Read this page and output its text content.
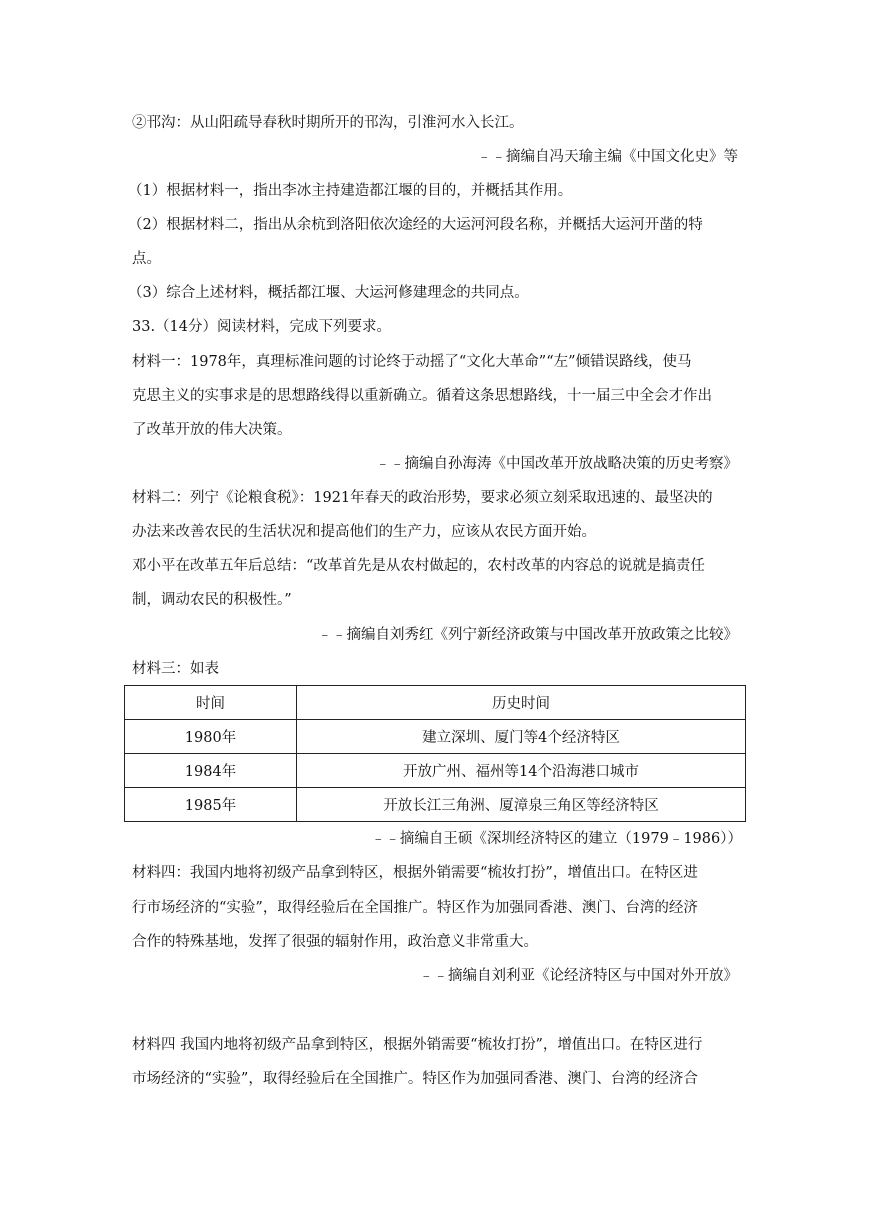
②邗沟：从山阳疏导春秋时期所开的邗沟，引淮河水入长江。
﹣﹣摘编自冯天瑜主编《中国文化史》等
（1）根据材料一，指出李冰主持建造都江堰的目的，并概括其作用。
（2）根据材料二，指出从余杭到洛阳依次途经的大运河河段名称，并概括大运河开凿的特
点。
（3）综合上述材料，概括都江堰、大运河修建理念的共同点。
33.（14分）阅读材料，完成下列要求。
材料一：1978年，真理标准问题的讨论终于动摇了“文化大革命”“左”倾错误路线，使马
克思主义的实事求是的思想路线得以重新确立。循着这条思想路线，十一届三中全会才作出
了改革开放的伟大决策。
﹣﹣摘编自孙海涛《中国改革开放战略决策的历史考察》
材料二：列宁《论粮食税》：1921年春天的政治形势，要求必须立刻采取迅速的、最坚决的
办法来改善农民的生活状况和提高他们的生产力，应该从农民方面开始。
邓小平在改革五年后总结：“改革首先是从农村做起的，农村改革的内容总的说就是搞责任
制，调动农民的积极性。”
﹣﹣摘编自刘秀红《列宁新经济政策与中国改革开放政策之比较》
材料三：如表
时间	历史时间
1980年	建立深圳、厦门等4个经济特区
1984年	开放广州、福州等14个沿海港口城市
1985年	开放长江三角洲、厦漳泉三角区等经济特区
﹣﹣摘编自王硕《深圳经济特区的建立（1979﹣1986））
材料四：我国内地将初级产品拿到特区，根据外销需要“梳妆打扮”，增值出口。在特区进
行市场经济的“实验”，取得经验后在全国推广。特区作为加强同香港、澳门、台湾的经济
合作的特殊基地，发挥了很强的辐射作用，政治意义非常重大。
﹣﹣摘编自刘利亚《论经济特区与中国对外开放》
材料四 我国内地将初级产品拿到特区，根据外销需要“梳妆打扮”，增值出口。在特区进行
市场经济的“实验”，取得经验后在全国推广。特区作为加强同香港、澳门、台湾的经济合
